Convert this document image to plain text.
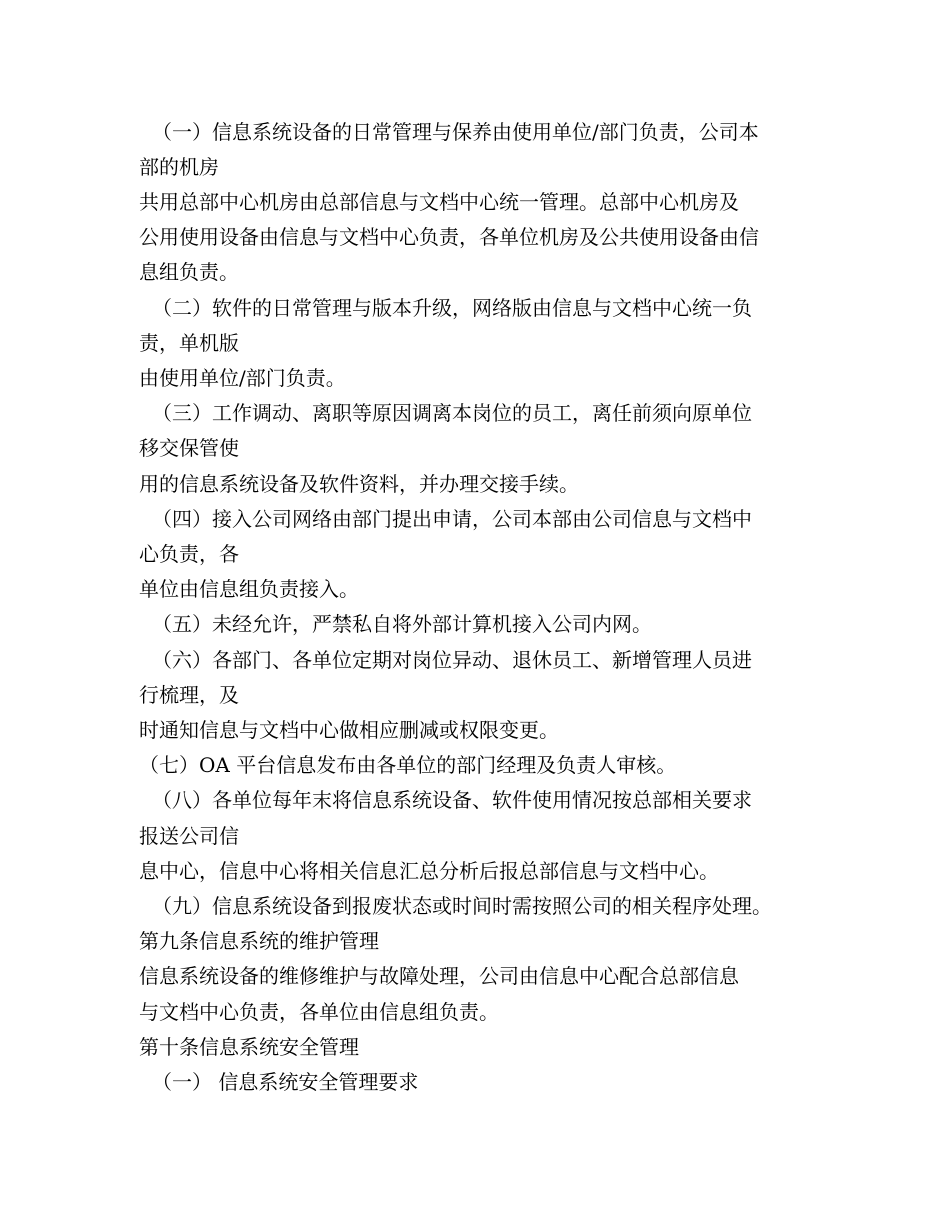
（一）信息系统设备的日常管理与保养由使用单位/部门负责，公司本
部的机房
共用总部中心机房由总部信息与文档中心统一管理。总部中心机房及
公用使用设备由信息与文档中心负责，各单位机房及公共使用设备由信
息组负责。
（二）软件的日常管理与版本升级，网络版由信息与文档中心统一负
责，单机版
由使用单位/部门负责。
（三）工作调动、离职等原因调离本岗位的员工，离任前须向原单位
移交保管使
用的信息系统设备及软件资料，并办理交接手续。
（四）接入公司网络由部门提出申请，公司本部由公司信息与文档中
心负责，各
单位由信息组负责接入。
（五）未经允许，严禁私自将外部计算机接入公司内网。
（六）各部门、各单位定期对岗位异动、退休员工、新增管理人员进
行梳理，及
时通知信息与文档中心做相应删减或权限变更。
（七）OA 平台信息发布由各单位的部门经理及负责人审核。
（八）各单位每年末将信息系统设备、软件使用情况按总部相关要求
报送公司信
息中心，信息中心将相关信息汇总分析后报总部信息与文档中心。
（九）信息系统设备到报废状态或时间时需按照公司的相关程序处理。
第九条信息系统的维护管理
信息系统设备的维修维护与故障处理，公司由信息中心配合总部信息
与文档中心负责，各单位由信息组负责。
第十条信息系统安全管理
（一） 信息系统安全管理要求
